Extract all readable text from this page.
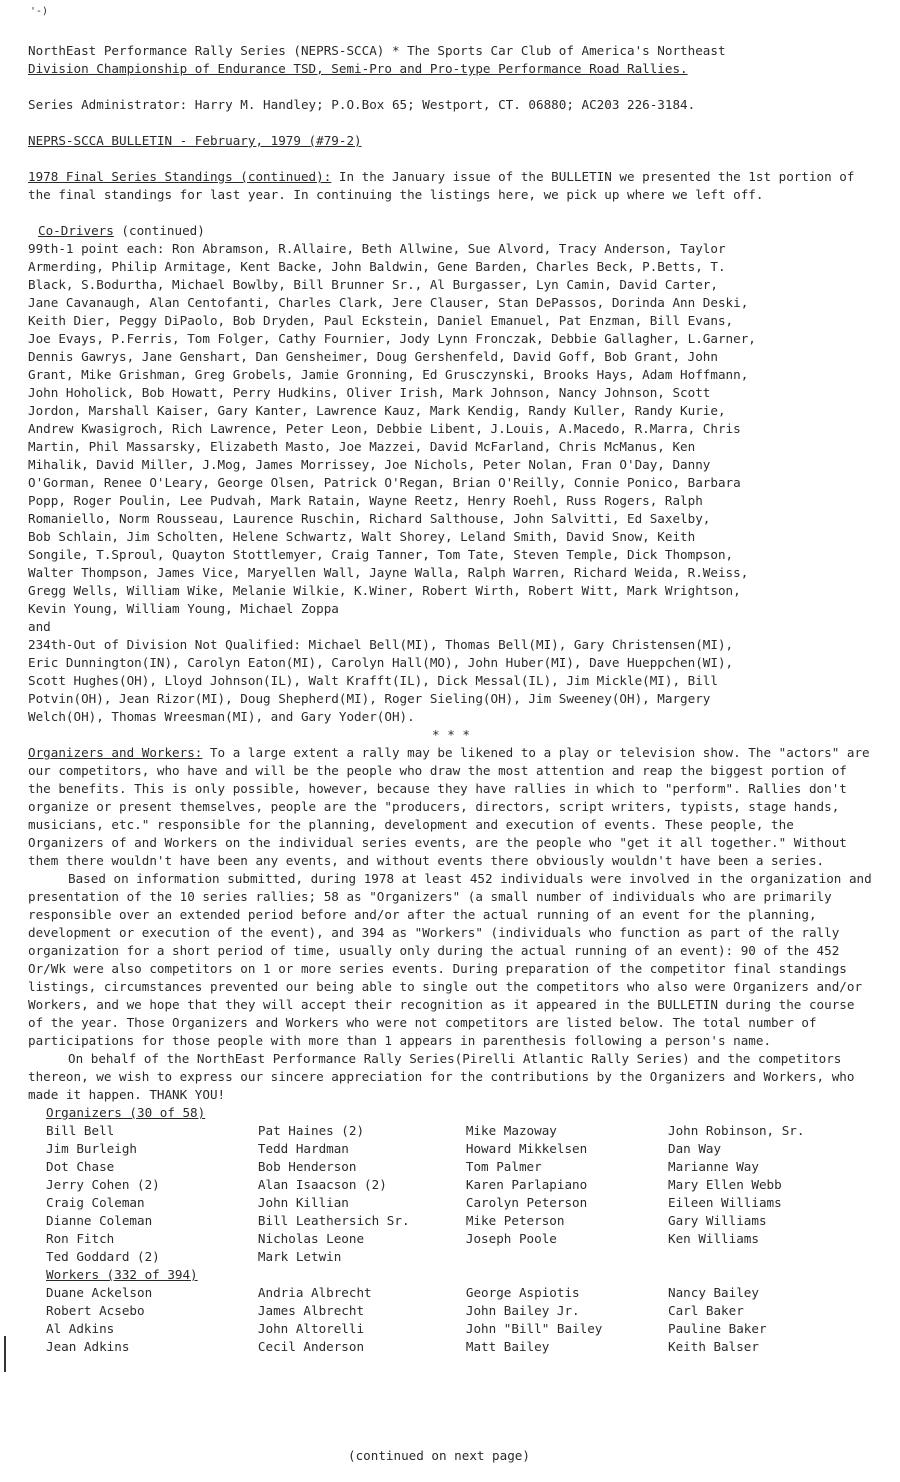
'-)
NorthEast Performance Rally Series (NEPRS-SCCA) * The Sports Car Club of America's Northeast
Division Championship of Endurance TSD, Semi-Pro and Pro-type Performance Road Rallies.
Series Administrator: Harry M. Handley; P.O.Box 65; Westport, CT. 06880; AC203 226-3184.
NEPRS-SCCA BULLETIN - February, 1979 (#79-2)
1978 Final Series Standings (continued): In the January issue of the BULLETIN we presented the 1st portion of the final standings for last year. In continuing the listings here, we pick up where we left off.
Co-Drivers (continued)
99th-1 point each: Ron Abramson, R.Allaire, Beth Allwine, Sue Alvord, Tracy Anderson, Taylor
Armerding, Philip Armitage, Kent Backe, John Baldwin, Gene Barden, Charles Beck, P.Betts, T.
Black, S.Bodurtha, Michael Bowlby, Bill Brunner Sr., Al Burgasser, Lyn Camin, David Carter,
Jane Cavanaugh, Alan Centofanti, Charles Clark, Jere Clauser, Stan DePassos, Dorinda Ann Deski,
Keith Dier, Peggy DiPaolo, Bob Dryden, Paul Eckstein, Daniel Emanuel, Pat Enzman, Bill Evans,
Joe Evays, P.Ferris, Tom Folger, Cathy Fournier, Jody Lynn Fronczak, Debbie Gallagher, L.Garner,
Dennis Gawrys, Jane Genshart, Dan Gensheimer, Doug Gershenfeld, David Goff, Bob Grant, John
Grant, Mike Grishman, Greg Grobels, Jamie Gronning, Ed Grusczynski, Brooks Hays, Adam Hoffmann,
John Hoholick, Bob Howatt, Perry Hudkins, Oliver Irish, Mark Johnson, Nancy Johnson, Scott
Jordon, Marshall Kaiser, Gary Kanter, Lawrence Kauz, Mark Kendig, Randy Kuller, Randy Kurie,
Andrew Kwasigroch, Rich Lawrence, Peter Leon, Debbie Libent, J.Louis, A.Macedo, R.Marra, Chris
Martin, Phil Massarsky, Elizabeth Masto, Joe Mazzei, David McFarland, Chris McManus, Ken
Mihalik, David Miller, J.Mog, James Morrissey, Joe Nichols, Peter Nolan, Fran O'Day, Danny
O'Gorman, Renee O'Leary, George Olsen, Patrick O'Regan, Brian O'Reilly, Connie Ponico, Barbara
Popp, Roger Poulin, Lee Pudvah, Mark Ratain, Wayne Reetz, Henry Roehl, Russ Rogers, Ralph
Romaniello, Norm Rousseau, Laurence Ruschin, Richard Salthouse, John Salvitti, Ed Saxelby,
Bob Schlain, Jim Scholten, Helene Schwartz, Walt Shorey, Leland Smith, David Snow, Keith
Songile, T.Sproul, Quayton Stottlemyer, Craig Tanner, Tom Tate, Steven Temple, Dick Thompson,
Walter Thompson, James Vice, Maryellen Wall, Jayne Walla, Ralph Warren, Richard Weida, R.Weiss,
Gregg Wells, William Wike, Melanie Wilkie, K.Winer, Robert Wirth, Robert Witt, Mark Wrightson,
Kevin Young, William Young, Michael Zoppa
and
234th-Out of Division Not Qualified: Michael Bell(MI), Thomas Bell(MI), Gary Christensen(MI),
Eric Dunnington(IN), Carolyn Eaton(MI), Carolyn Hall(MO), John Huber(MI), Dave Hueppchen(WI),
Scott Hughes(OH), Lloyd Johnson(IL), Walt Krafft(IL), Dick Messal(IL), Jim Mickle(MI), Bill
Potvin(OH), Jean Rizor(MI), Doug Shepherd(MI), Roger Sieling(OH), Jim Sweeney(OH), Margery
Welch(OH), Thomas Wreesman(MI), and Gary Yoder(OH).
* * *
Organizers and Workers: To a large extent a rally may be likened to a play or television show. The "actors" are our competitors, who have and will be the people who draw the most attention and reap the biggest portion of the benefits. This is only possible, however, because they have rallies in which to "perform". Rallies don't organize or present themselves, people are the "producers, directors, script writers, typists, stage hands, musicians, etc." responsible for the planning, development and execution of events. These people, the Organizers of and Workers on the individual series events, are the people who "get it all together." Without them there wouldn't have been any events, and without events there obviously wouldn't have been a series.
Based on information submitted, during 1978 at least 452 individuals were involved in the organization and presentation of the 10 series rallies; 58 as "Organizers" (a small number of individuals who are primarily responsible over an extended period before and/or after the actual running of an event for the planning, development or execution of the event), and 394 as "Workers" (individuals who function as part of the rally organization for a short period of time, usually only during the actual running of an event): 90 of the 452 Or/Wk were also competitors on 1 or more series events. During preparation of the competitor final standings listings, circumstances prevented our being able to single out the competitors who also were Organizers and/or Workers, and we hope that they will accept their recognition as it appeared in the BULLETIN during the course of the year. Those Organizers and Workers who were not competitors are listed below. The total number of participations for those people with more than 1 appears in parenthesis following a person's name.
On behalf of the NorthEast Performance Rally Series(Pirelli Atlantic Rally Series) and the competitors thereon, we wish to express our sincere appreciation for the contributions by the Organizers and Workers, who made it happen. THANK YOU!
Organizers (30 of 58)
Bill Bell
Jim Burleigh
Dot Chase
Jerry Cohen (2)
Craig Coleman
Dianne Coleman
Ron Fitch
Ted Goddard (2)
Pat Haines (2)
Tedd Hardman
Bob Henderson
Alan Isaacson (2)
John Killian
Bill Leathersich Sr.
Nicholas Leone
Mark Letwin
Mike Mazoway
Howard Mikkelsen
Tom Palmer
Karen Parlapiano
Carolyn Peterson
Mike Peterson
Joseph Poole
John Robinson, Sr.
Dan Way
Marianne Way
Mary Ellen Webb
Eileen Williams
Gary Williams
Ken Williams
Workers (332 of 394)
Duane Ackelson
Robert Acsebo
Al Adkins
Jean Adkins
Andria Albrecht
James Albrecht
John Altorelli
Cecil Anderson
George Aspiotis
John Bailey Jr.
John "Bill" Bailey
Matt Bailey
Nancy Bailey
Carl Baker
Pauline Baker
Keith Balser
(continued on next page)
